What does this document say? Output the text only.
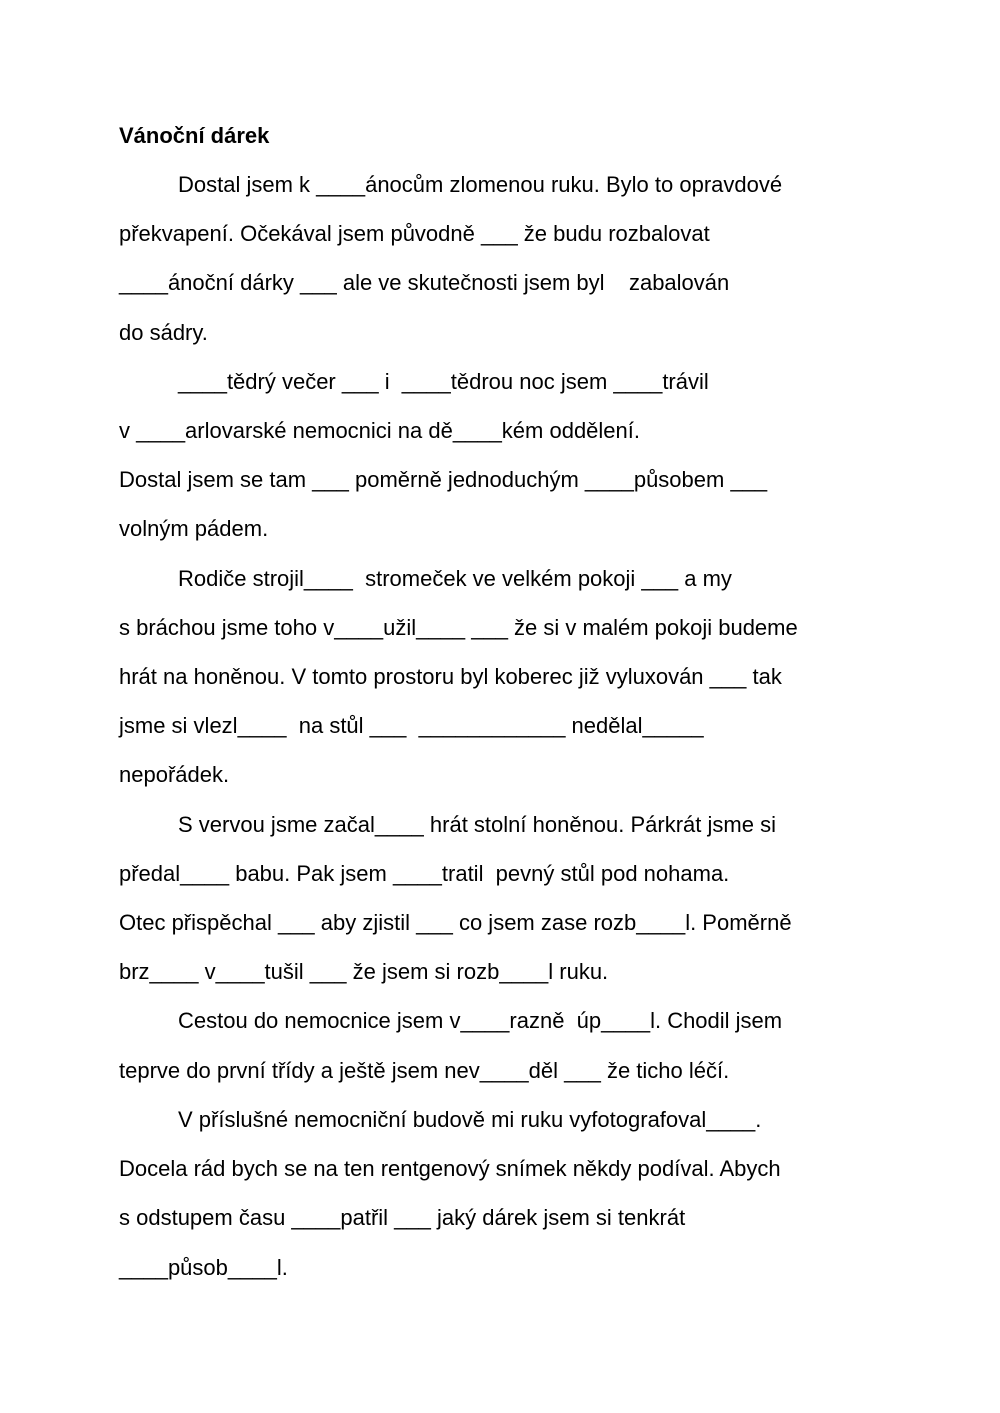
Vánoční dárek
Dostal jsem k ____ánocům zlomenou ruku. Bylo to opravdové
překvapení. Očekával jsem původně ___ že budu rozbalovat
____ánoční dárky ___ ale ve skutečnosti jsem byl    zabalován
do sádry.
____tědrý večer ___ i  ____tědrou noc jsem ____trávil
v ____arlovarské nemocnici na dě____kém oddělení.
Dostal jsem se tam ___ poměrně jednoduchým ____působem ___
volným pádem.
Rodiče strojil____  stromeček ve velkém pokoji ___ a my
s bráchou jsme toho v____užil____ ___ že si v malém pokoji budeme
hrát na honěnou. V tomto prostoru byl koberec již vyluxován ___ tak
jsme si vlezl____  na stůl ___  ____________ nedělal_____
nepořádek.
S vervou jsme začal____ hrát stolní honěnou. Párkrát jsme si
předal____ babu. Pak jsem ____tratil  pevný stůl pod nohama.
Otec přispěchal ___ aby zjistil ___ co jsem zase rozb____l. Poměrně
brz____ v____tušil ___ že jsem si rozb____l ruku.
Cestou do nemocnice jsem v____razně  úp____l. Chodil jsem
teprve do první třídy a ještě jsem nev____děl ___ že ticho léčí.
V příslušné nemocniční budově mi ruku vyfotografoval____.
Docela rád bych se na ten rentgenový snímek někdy podíval. Abych
s odstupem času ____patřil ___ jaký dárek jsem si tenkrát
____působ____l.
